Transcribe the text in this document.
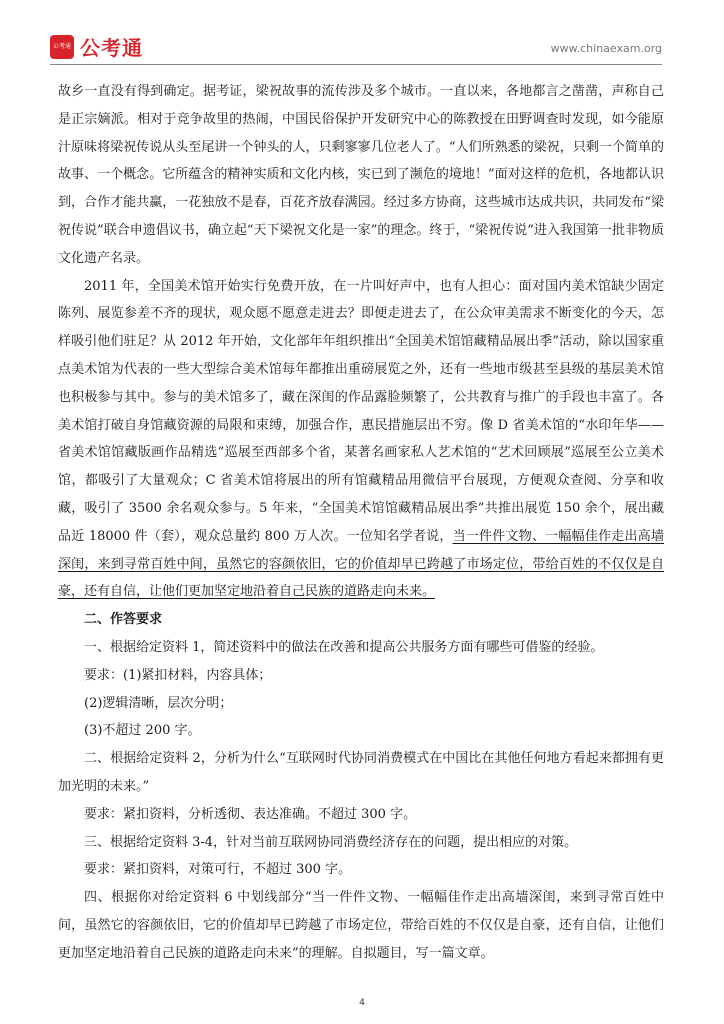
公考通 公考通	www.chinaexam.org

故乡一直没有得到确定。据考证，梁祝故事的流传涉及多个城市。一直以来，各地都言之凿凿，声称自己是正宗嫡派。相对于竞争故里的热闹，中国民俗保护开发研究中心的陈教授在田野调查时发现，如今能原汁原味将梁祝传说从头至尾讲一个钟头的人，只剩寥寥几位老人了。“人们所熟悉的梁祝，只剩一个简单的故事、一个概念。它所蕴含的精神实质和文化内核，实已到了濒危的境地！”面对这样的危机，各地都认识到，合作才能共赢，一花独放不是春，百花齐放春满园。经过多方协商，这些城市达成共识，共同发布“梁祝传说”联合申遗倡议书，确立起“天下梁祝文化是一家”的理念。终于，“梁祝传说”进入我国第一批非物质文化遗产名录。

2011 年，全国美术馆开始实行免费开放，在一片叫好声中，也有人担心：面对国内美术馆缺少固定陈列、展览参差不齐的现状，观众愿不愿意走进去？即便走进去了，在公众审美需求不断变化的今天，怎样吸引他们驻足？从 2012 年开始，文化部年年组织推出“全国美术馆馆藏精品展出季”活动，除以国家重点美术馆为代表的一些大型综合美术馆每年都推出重磅展览之外，还有一些地市级甚至县级的基层美术馆也积极参与其中。参与的美术馆多了，藏在深闺的作品露脸频繁了，公共教育与推广的手段也丰富了。各美术馆打破自身馆藏资源的局限和束缚，加强合作，惠民措施层出不穷。像 D 省美术馆的“水印年华——省美术馆馆藏版画作品精选”巡展至西部多个省，某著名画家私人艺术馆的“艺术回顾展”巡展至公立美术馆，都吸引了大量观众；C 省美术馆将展出的所有馆藏精品用微信平台展现，方便观众查阅、分享和收藏，吸引了 3500 余名观众参与。5 年来，“全国美术馆馆藏精品展出季”共推出展览 150 余个，展出藏品近 18000 件（套），观众总量约 800 万人次。一位知名学者说，当一件件文物、一幅幅佳作走出高墙深闺，来到寻常百姓中间，虽然它的容颜依旧，它的价值却早已跨越了市场定位，带给百姓的不仅仅是自豪，还有自信，让他们更加坚定地沿着自己民族的道路走向未来。

二、作答要求

一、根据给定资料 1，简述资料中的做法在改善和提高公共服务方面有哪些可借鉴的经验。

要求：(1)紧扣材料，内容具体；

(2)逻辑清晰，层次分明；

(3)不超过 200 字。

二、根据给定资料 2，分析为什么“互联网时代协同消费模式在中国比在其他任何地方看起来都拥有更加光明的未来。”

要求：紧扣资料，分析透彻、表达准确。不超过 300 字。

三、根据给定资料 3-4，针对当前互联网协同消费经济存在的问题，提出相应的对策。

要求：紧扣资料，对策可行，不超过 300 字。

四、根据你对给定资料 6 中划线部分“当一件件文物、一幅幅佳作走出高墙深闺，来到寻常百姓中间，虽然它的容颜依旧，它的价值却早已跨越了市场定位，带给百姓的不仅仅是自豪，还有自信，让他们更加坚定地沿着自己民族的道路走向未来”的理解。自拟题目，写一篇文章。

4
